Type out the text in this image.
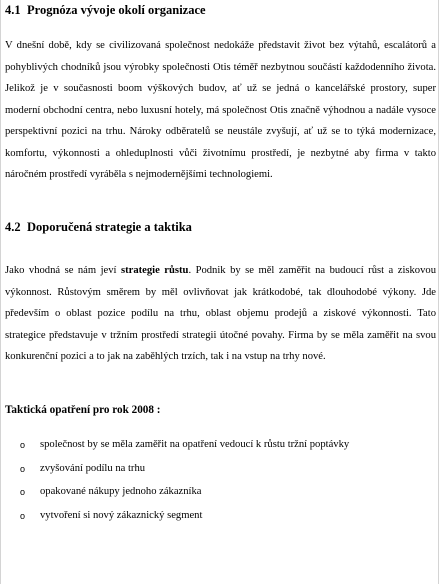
4.1 Prognóza vývoje okolí organizace

V dnešní době, kdy se civilizovaná společnost nedokáže představit život bez výtahů, escalátorů a pohyblivých chodníků jsou výrobky společnosti Otis téměř nezbytnou součástí každodenního života. Jelikož je v současnosti boom výškových budov, ať už se jedná o kancelářské prostory, super moderní obchodní centra, nebo luxusní hotely, má společnost Otis značně výhodnou a nadále vysoce perspektivní pozici na trhu. Nároky odběratelů se neustále zvyšují, ať už se to týká modernizace, komfortu, výkonnosti a ohleduplnosti vůči životnímu prostředí, je nezbytné aby firma v takto náročném prostředí vyráběla s nejmodernějšími technologiemi.

4.2 Doporučená strategie a taktika

Jako vhodná se nám jeví strategie růstu. Podnik by se měl zaměřit na budoucí růst a ziskovou výkonnost. Růstovým směrem by měl ovlivňovat jak krátkodobé, tak dlouhodobé výkony. Jde především o oblast pozice podílu na trhu, oblast objemu prodejů a ziskové výkonnosti. Tato strategice představuje v tržním prostředí strategii útočné povahy. Firma by se měla zaměřit na svou konkurenční pozici a to jak na zaběhlých trzích, tak i na vstup na trhy nové.

Taktická opatření pro rok 2008 :
o společnost by se měla zaměřit na opatření vedoucí k růstu tržní poptávky
o zvyšování podílu na trhu
o opakované nákupy jednoho zákazníka
o vytvoření si nový zákaznický segment
